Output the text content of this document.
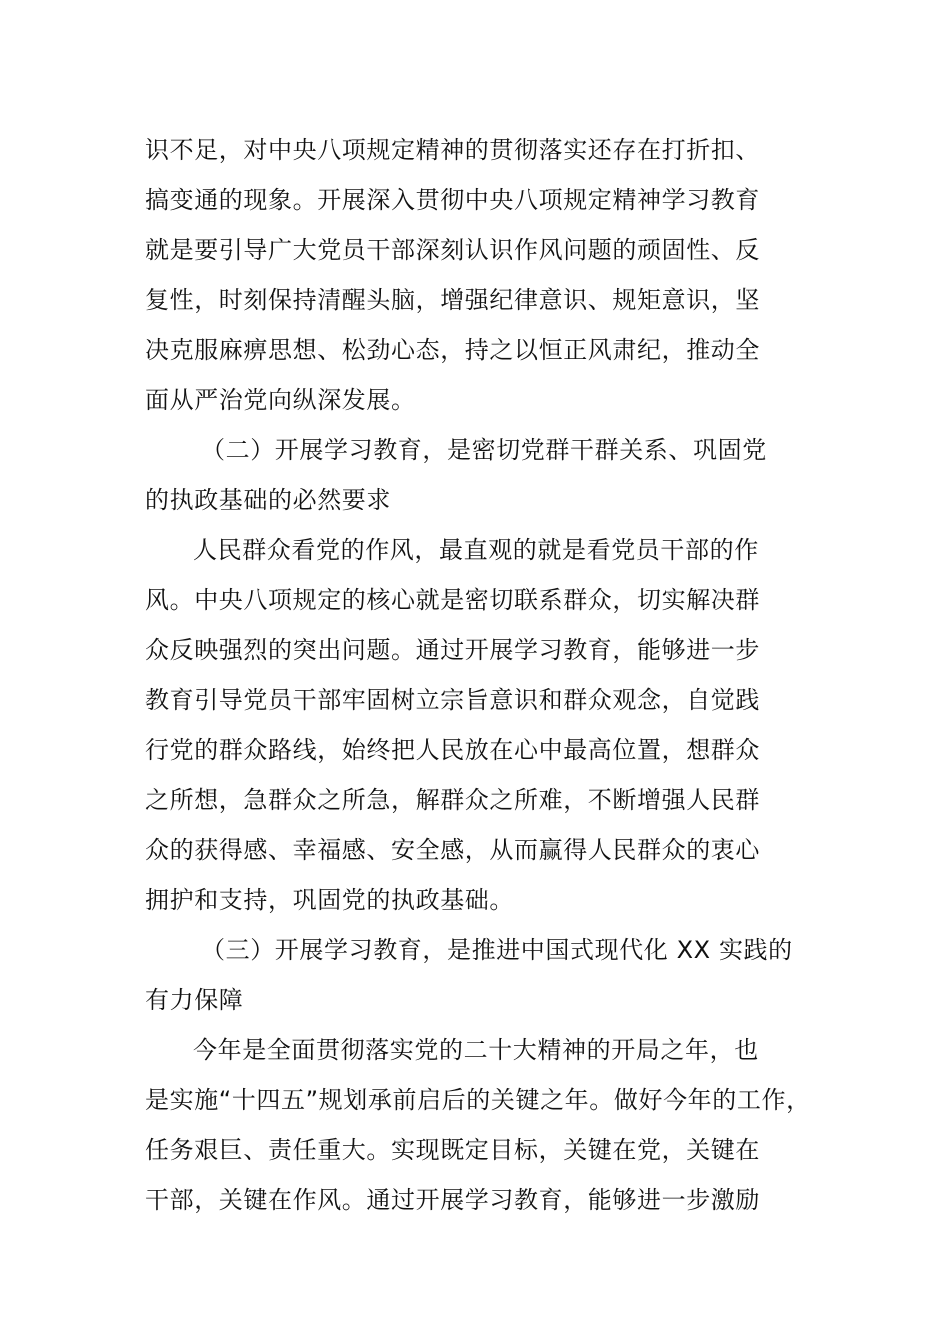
识不足，对中央八项规定精神的贯彻落实还存在打折扣、
搞变通的现象。开展深入贯彻中央八项规定精神学习教育
就是要引导广大党员干部深刻认识作风问题的顽固性、反
复性，时刻保持清醒头脑，增强纪律意识、规矩意识，坚
决克服麻痹思想、松劲心态，持之以恒正风肃纪，推动全
面从严治党向纵深发展。
（二）开展学习教育，是密切党群干群关系、巩固党
的执政基础的必然要求
人民群众看党的作风，最直观的就是看党员干部的作
风。中央八项规定的核心就是密切联系群众，切实解决群
众反映强烈的突出问题。通过开展学习教育，能够进一步
教育引导党员干部牢固树立宗旨意识和群众观念，自觉践
行党的群众路线，始终把人民放在心中最高位置，想群众
之所想，急群众之所急，解群众之所难，不断增强人民群
众的获得感、幸福感、安全感，从而赢得人民群众的衷心
拥护和支持，巩固党的执政基础。
（三）开展学习教育，是推进中国式现代化 XX 实践的
有力保障
今年是全面贯彻落实党的二十大精神的开局之年，也
是实施“十四五”规划承前启后的关键之年。做好今年的工作，
任务艰巨、责任重大。实现既定目标，关键在党，关键在
干部，关键在作风。通过开展学习教育，能够进一步激励
